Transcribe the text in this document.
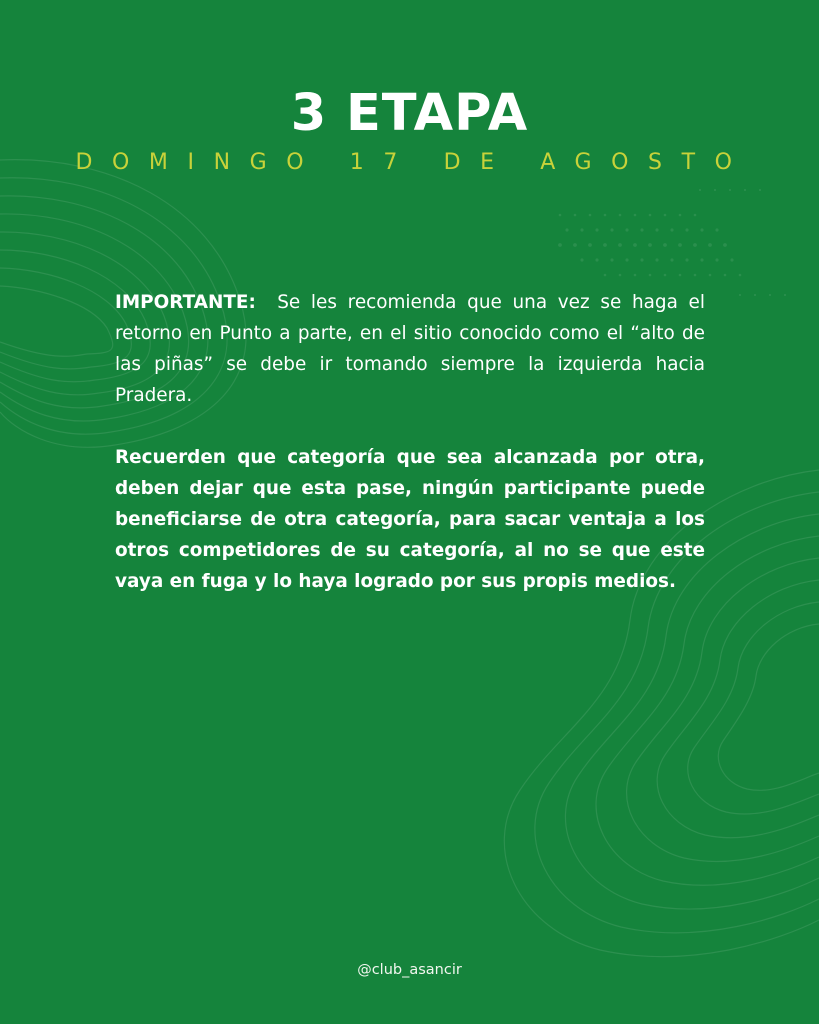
3 ETAPA
DOMINGO 17 DE AGOSTO

IMPORTANTE: Se les recomienda que una vez se haga el retorno en Punto a parte, en el sitio conocido como el “alto de las piñas” se debe ir tomando siempre la izquierda hacia Pradera.

Recuerden que categoría que sea alcanzada por otra, deben dejar que esta pase, ningún participante puede beneficiarse de otra categoría, para sacar ventaja a los otros competidores de su categoría, al no se que este vaya en fuga y lo haya logrado por sus propis medios.

@club_asancir
